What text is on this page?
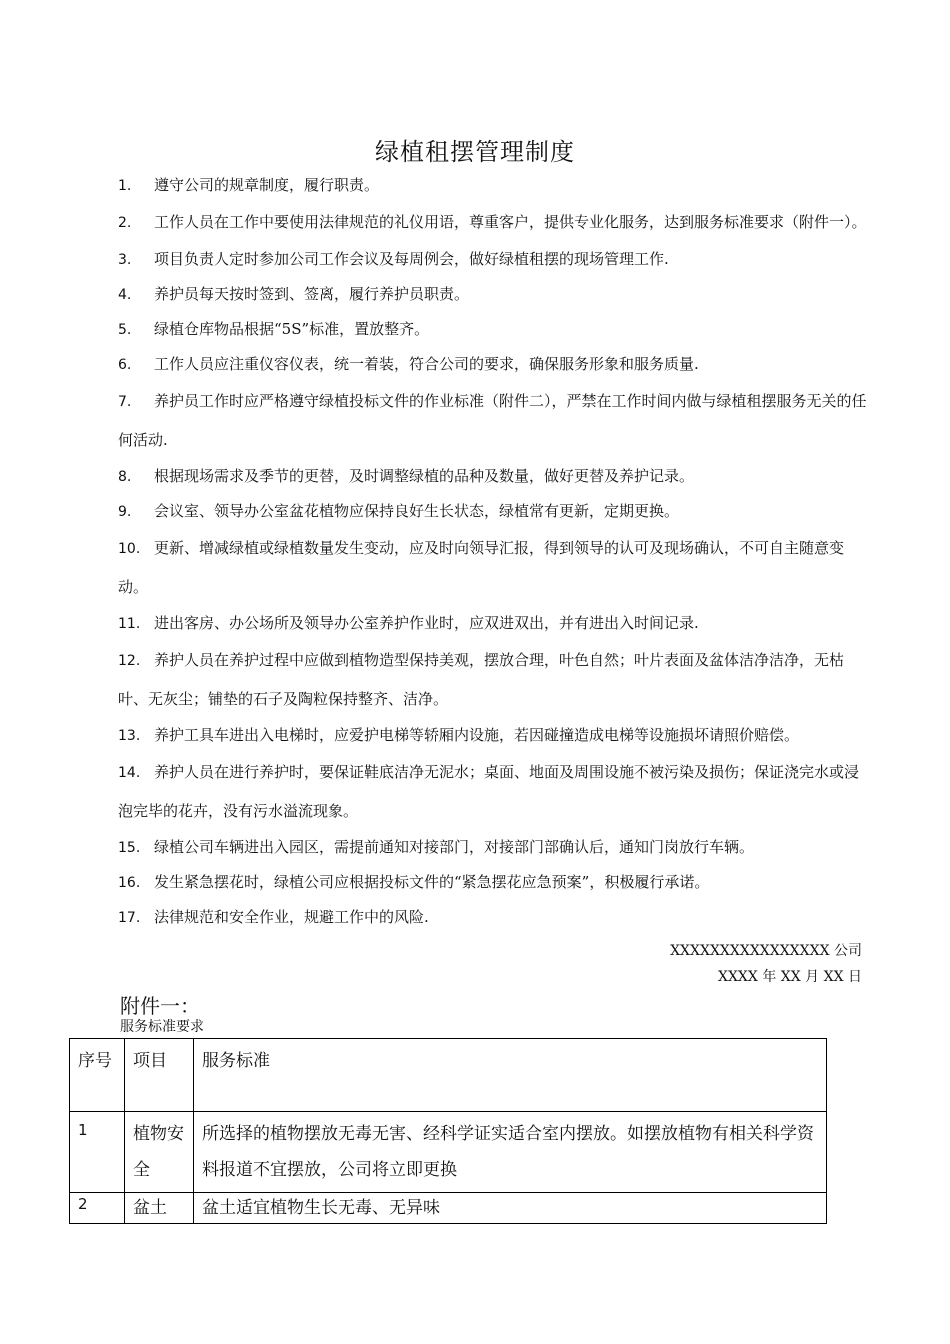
绿植租摆管理制度
1. 遵守公司的规章制度，履行职责。
2. 工作人员在工作中要使用法律规范的礼仪用语，尊重客户，提供专业化服务，达到服务标准要求（附件一）。
3. 项目负责人定时参加公司工作会议及每周例会，做好绿植租摆的现场管理工作.
4. 养护员每天按时签到、签离，履行养护员职责。
5. 绿植仓库物品根据“5S”标准，置放整齐。
6. 工作人员应注重仪容仪表，统一着装，符合公司的要求，确保服务形象和服务质量.
7. 养护员工作时应严格遵守绿植投标文件的作业标准（附件二），严禁在工作时间内做与绿植租摆服务无关的任何活动.
8. 根据现场需求及季节的更替，及时调整绿植的品种及数量，做好更替及养护记录。
9. 会议室、领导办公室盆花植物应保持良好生长状态，绿植常有更新，定期更换。
10. 更新、增减绿植或绿植数量发生变动，应及时向领导汇报，得到领导的认可及现场确认，不可自主随意变动。
11. 进出客房、办公场所及领导办公室养护作业时，应双进双出，并有进出入时间记录.
12. 养护人员在养护过程中应做到植物造型保持美观，摆放合理，叶色自然；叶片表面及盆体洁净洁净，无枯叶、无灰尘；铺垫的石子及陶粒保持整齐、洁净。
13. 养护工具车进出入电梯时，应爱护电梯等轿厢内设施，若因碰撞造成电梯等设施损坏请照价赔偿。
14. 养护人员在进行养护时，要保证鞋底洁净无泥水；桌面、地面及周围设施不被污染及损伤；保证浇完水或浸泡完毕的花卉，没有污水溢流现象。
15. 绿植公司车辆进出入园区，需提前通知对接部门，对接部门部确认后，通知门岗放行车辆。
16. 发生紧急摆花时，绿植公司应根据投标文件的“紧急摆花应急预案”，积极履行承诺。
17. 法律规范和安全作业，规避工作中的风险.
XXXXXXXXXXXXXXXX 公司
XXXX 年 XX 月 XX 日
附件一：
服务标准要求
序号	项目	服务标准
1	植物安全	所选择的植物摆放无毒无害、经科学证实适合室内摆放。如摆放植物有相关科学资料报道不宜摆放，公司将立即更换
2	盆土	盆土适宜植物生长无毒、无异味
